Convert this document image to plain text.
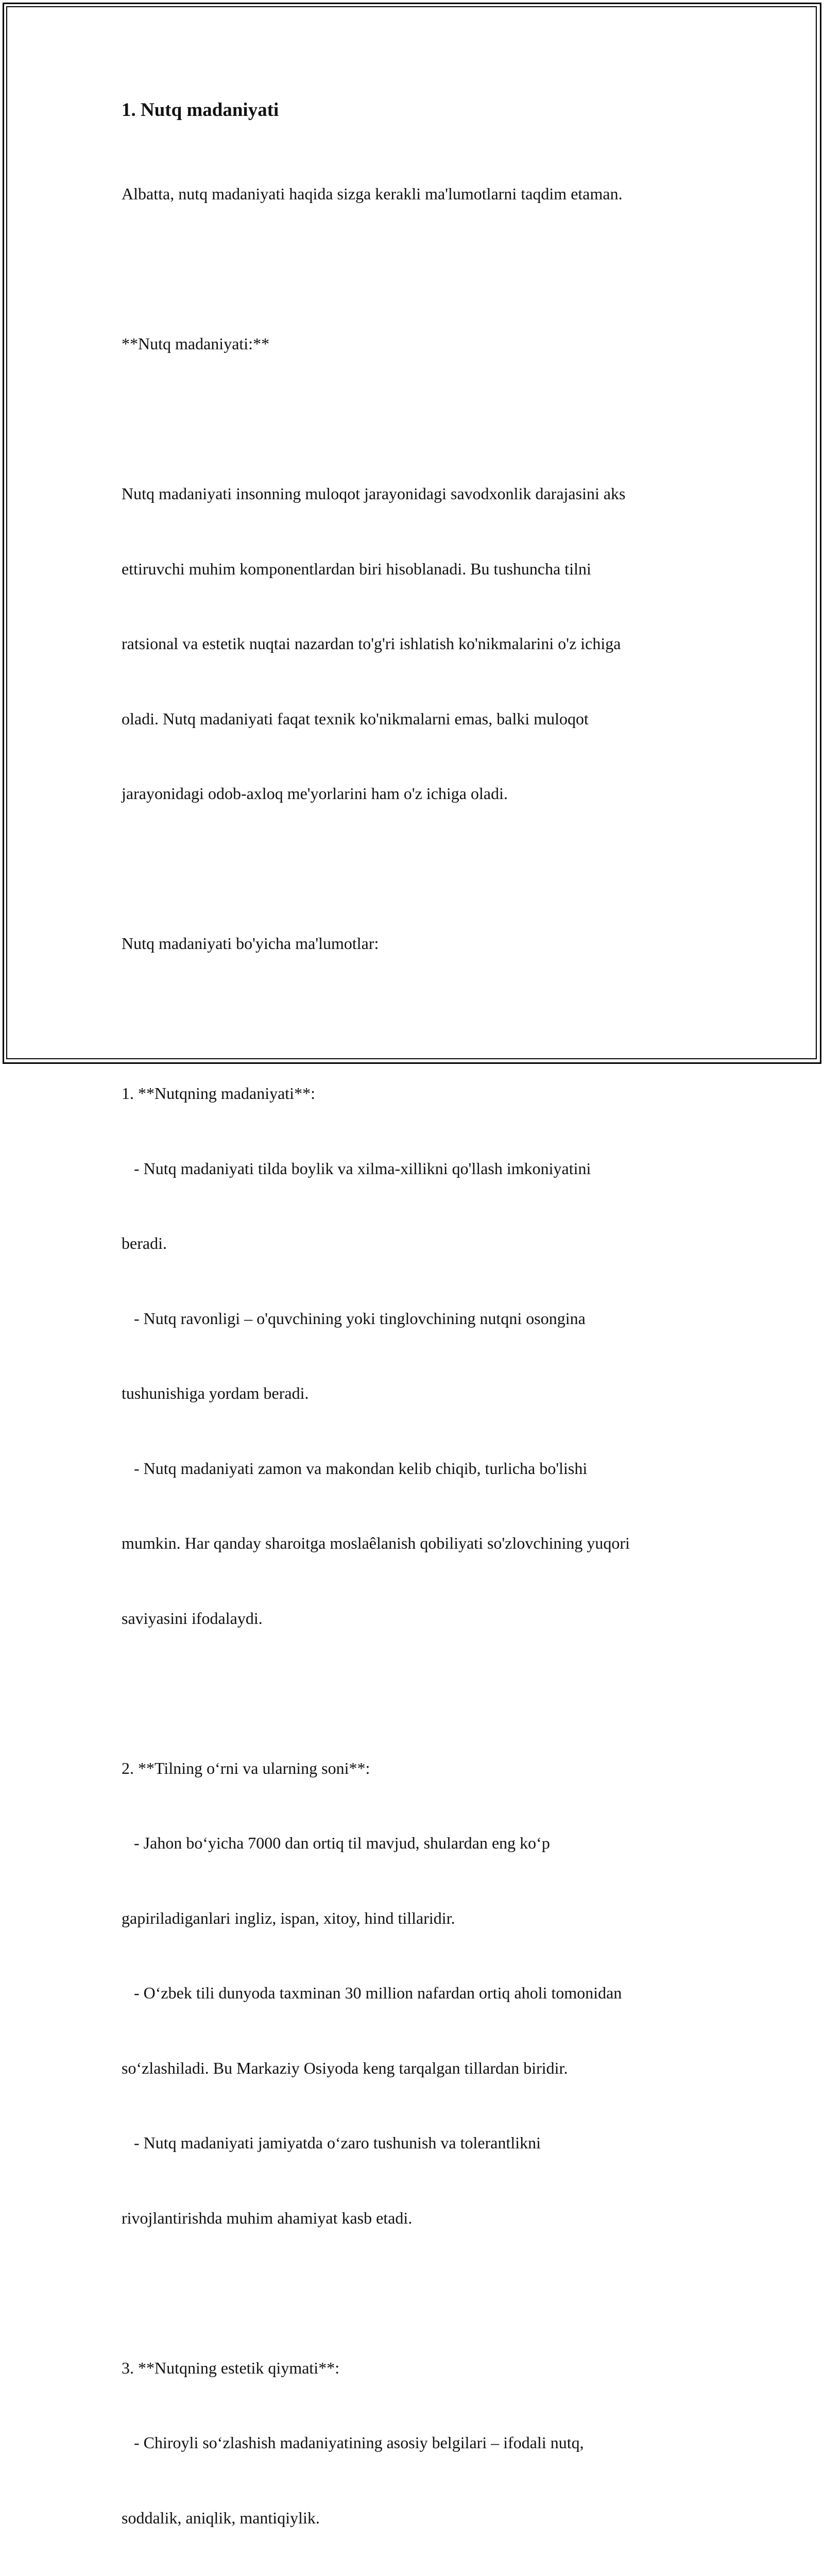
1. Nutq madaniyati

Albatta, nutq madaniyati haqida sizga kerakli ma'lumotlarni taqdim etaman.

**Nutq madaniyati:**

Nutq madaniyati insonning muloqot jarayonidagi savodxonlik darajasini aks

ettiruvchi muhim komponentlardan biri hisoblanadi. Bu tushuncha tilni

ratsional va estetik nuqtai nazardan to'g'ri ishlatish ko'nikmalarini o'z ichiga

oladi. Nutq madaniyati faqat texnik ko'nikmalarni emas, balki muloqot

jarayonidagi odob-axloq me'yorlarini ham o'z ichiga oladi.

Nutq madaniyati bo'yicha ma'lumotlar:

1. **Nutqning madaniyati**:

- Nutq madaniyati tilda boylik va xilma-xillikni qo'llash imkoniyatini

beradi.

- Nutq ravonligi – o'quvchining yoki tinglovchining nutqni osongina

tushunishiga yordam beradi.

- Nutq madaniyati zamon va makondan kelib chiqib, turlicha bo'lishi

mumkin. Har qanday sharoitga moslaêlanish qobiliyati so'zlovchining yuqori

saviyasini ifodalaydi.

2. **Tilning oʻrni va ularning soni**:

- Jahon boʻyicha 7000 dan ortiq til mavjud, shulardan eng koʻp

gapiriladiganlari ingliz, ispan, xitoy, hind tillaridir.

- Oʻzbek tili dunyoda taxminan 30 million nafardan ortiq aholi tomonidan

soʻzlashiladi. Bu Markaziy Osiyoda keng tarqalgan tillardan biridir.

- Nutq madaniyati jamiyatda oʻzaro tushunish va tolerantlikni

rivojlantirishda muhim ahamiyat kasb etadi.

3. **Nutqning estetik qiymati**:

- Chiroyli soʻzlashish madaniyatining asosiy belgilari – ifodali nutq,

soddalik, aniqlik, mantiqiylik.
